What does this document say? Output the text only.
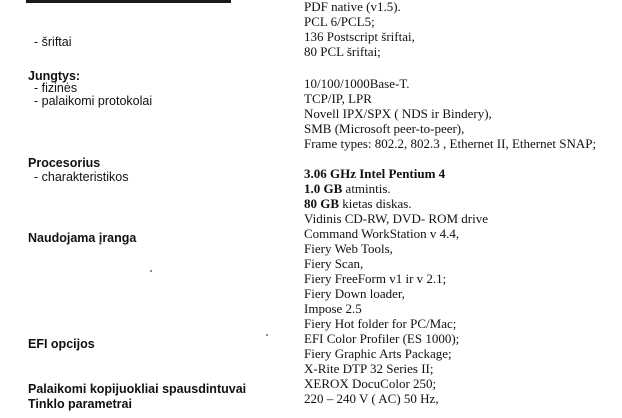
- šriftai
Jungtys:
- fizinės
- palaikomi protokolai
Procesorius
- charakteristikos
Naudojama įranga
EFI opcijos
Palaikomi kopijuokliai spausdintuvai
Tinklo parametrai
PDF native (v1.5).
PCL 6/PCL5;
136 Postscript šriftai,
80 PCL šriftai;
10/100/1000Base-T.
TCP/IP, LPR
Novell IPX/SPX ( NDS ir Bindery),
SMB (Microsoft peer-to-peer),
Frame types: 802.2, 802.3 , Ethernet II, Ethernet SNAP;
3.06 GHz Intel Pentium 4
1.0 GB atmintis.
80 GB kietas diskas.
Vidinis CD-RW, DVD- ROM drive
Command WorkStation v 4.4,
Fiery Web Tools,
Fiery Scan,
Fiery FreeForm v1 ir v 2.1;
Fiery Down loader,
Impose 2.5
Fiery Hot folder for PC/Mac;
EFI Color Profiler (ES 1000);
Fiery Graphic Arts Package;
X-Rite DTP 32 Series II;
XEROX DocuColor 250;
220 – 240 V ( AC) 50 Hz,
